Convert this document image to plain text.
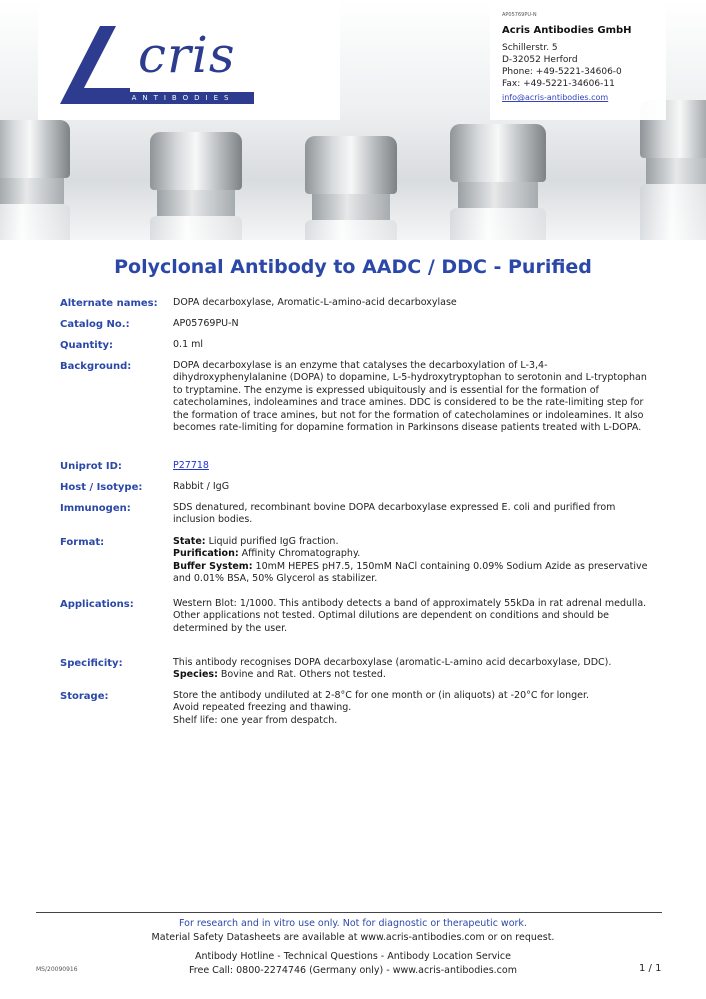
cris
ANTIBODIES
AP05769PU-N
Acris Antibodies GmbH
Schillerstr. 5
D-32052 Herford
Phone: +49-5221-34606-0
Fax: +49-5221-34606-11
info@acris-antibodies.com
Polyclonal Antibody to AADC / DDC - Purified
Alternate names:	DOPA decarboxylase, Aromatic-L-amino-acid decarboxylase
Catalog No.:	AP05769PU-N
Quantity:	0.1 ml
Background:	DOPA decarboxylase is an enzyme that catalyses the decarboxylation of L-3,4-dihydroxyphenylalanine (DOPA) to dopamine, L-5-hydroxytryptophan to serotonin and L-tryptophan to tryptamine. The enzyme is expressed ubiquitously and is essential for the formation of catecholamines, indoleamines and trace amines. DDC is considered to be the rate-limiting step for the formation of trace amines, but not for the formation of catecholamines or indoleamines. It also becomes rate-limiting for dopamine formation in Parkinsons disease patients treated with L-DOPA.
Uniprot ID:	P27718
Host / Isotype:	Rabbit / IgG
Immunogen:	SDS denatured, recombinant bovine DOPA decarboxylase expressed E. coli and purified from inclusion bodies.
Format:	State: Liquid purified IgG fraction.
Purification: Affinity Chromatography.
Buffer System: 10mM HEPES pH7.5, 150mM NaCl containing 0.09% Sodium Azide as preservative and 0.01% BSA, 50% Glycerol as stabilizer.
Applications:	Western Blot: 1/1000. This antibody detects a band of approximately 55kDa in rat adrenal medulla.
Other applications not tested. Optimal dilutions are dependent on conditions and should be determined by the user.
Specificity:	This antibody recognises DOPA decarboxylase (aromatic-L-amino acid decarboxylase, DDC).
Species: Bovine and Rat. Others not tested.
Storage:	Store the antibody undiluted at 2-8°C for one month or (in aliquots) at -20°C for longer.
Avoid repeated freezing and thawing.
Shelf life: one year from despatch.
For research and in vitro use only. Not for diagnostic or therapeutic work.
Material Safety Datasheets are available at www.acris-antibodies.com or on request.
Antibody Hotline - Technical Questions - Antibody Location Service
Free Call: 0800-2274746 (Germany only) - www.acris-antibodies.com
MS/20090916	1 / 1
